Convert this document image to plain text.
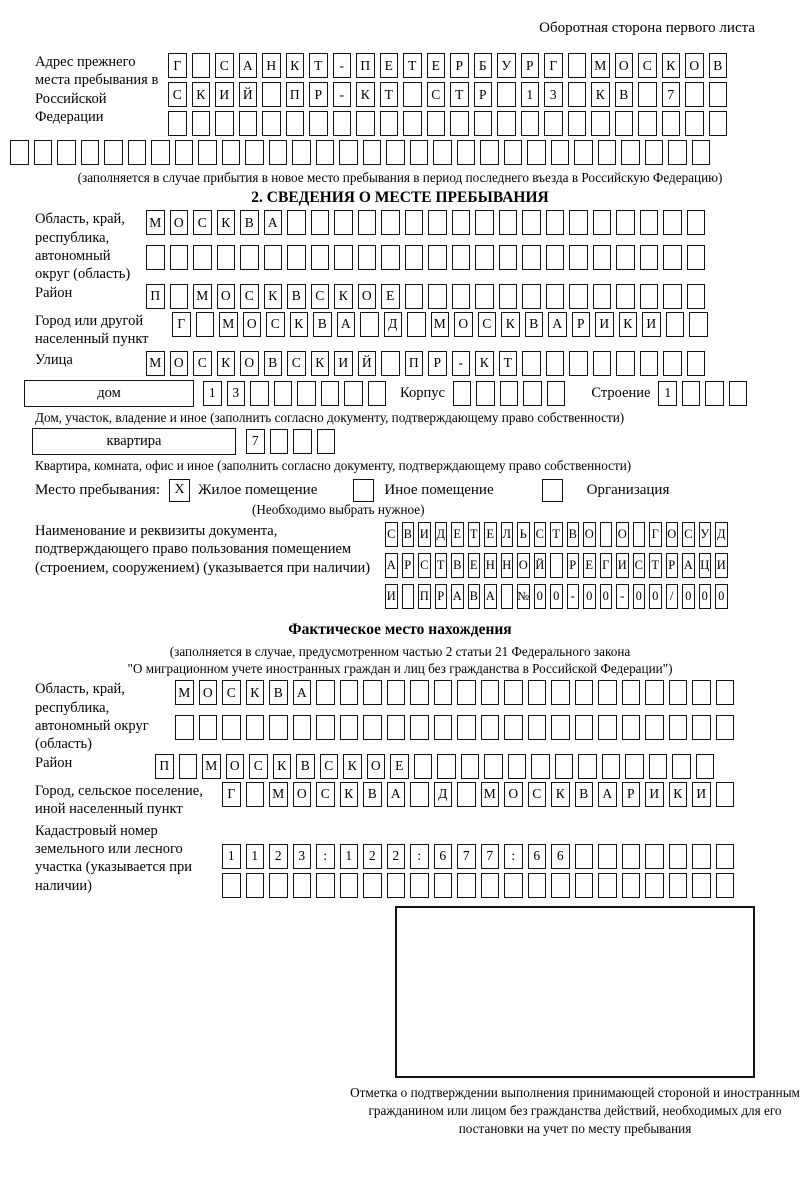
Оборотная сторона первого листа
Адрес прежнего места пребывания в Российской Федерации
Г	С	А	Н	К	Т	-	П	Е	Т	Е	Р	Б	У	Р	Г	М О	С	К	О	В
С	К	И	Й	П	Р	-	К	Т	С	Т	Р	1	3	К	В	7
(заполняется в случае прибытия в новое место пребывания в период последнего въезда в Российскую Федерацию)
2. СВЕДЕНИЯ О МЕСТЕ ПРЕБЫВАНИЯ
Область, край, республика, автономный округ (область)
М О	С	К	В	А
Район	П	М О	С	К	В	С	К	О	Е
Город или другой населенный пункт
Г	М О	С	К	В	А	Д	М О	С	К	В	А	Р	И	К	И
Улица	М О	С	К	О	В	С	К	И	Й	П	Р	-	К	Т
дом	1	3	Корпус	Строение	1
Дом, участок, владение и иное (заполнить согласно документу, подтверждающему право собственности)
квартира	7
Квартира, комната, офис и иное (заполнить согласно документу, подтверждающему право собственности)
Место пребывания:	X Жилое помещение	Иное помещение	Организация
(Необходимо выбрать нужное)
Наименование и реквизиты документа, подтверждающего право пользования помещением (строением, сооружением) (указывается при наличии)
С В И Д Е Т Е Л Ь С Т В О О Г О С У Д
А Р С Т В Е Н Н О Й Р Е Г И С Т Р А Ц И
И П Р А В А № 0 0 - 0 0 - 0 0 / 0 0 0
Фактическое место нахождения
(заполняется в случае, предусмотренном частью 2 статьи 21 Федерального закона
"О миграционном учете иностранных граждан и лиц без гражданства в Российской Федерации")
Область, край, республика, автономный округ (область)
М О	С	К	В	А
Район	П	М О	С	К	В	С	К	О	Е
Город, сельское поселение, иной населенный пункт
Г	М О	С	К	В	А	Д	М О	С	К	В	А	Р	И	К	И
Кадастровый номер земельного или лесного участка (указывается при наличии)
1	1	2	3	:	1	2	2	:	6	7	7	:	6	6
Отметка о подтверждении выполнения принимающей стороной и иностранным гражданином или лицом без гражданства действий, необходимых для его постановки на учет по месту пребывания
